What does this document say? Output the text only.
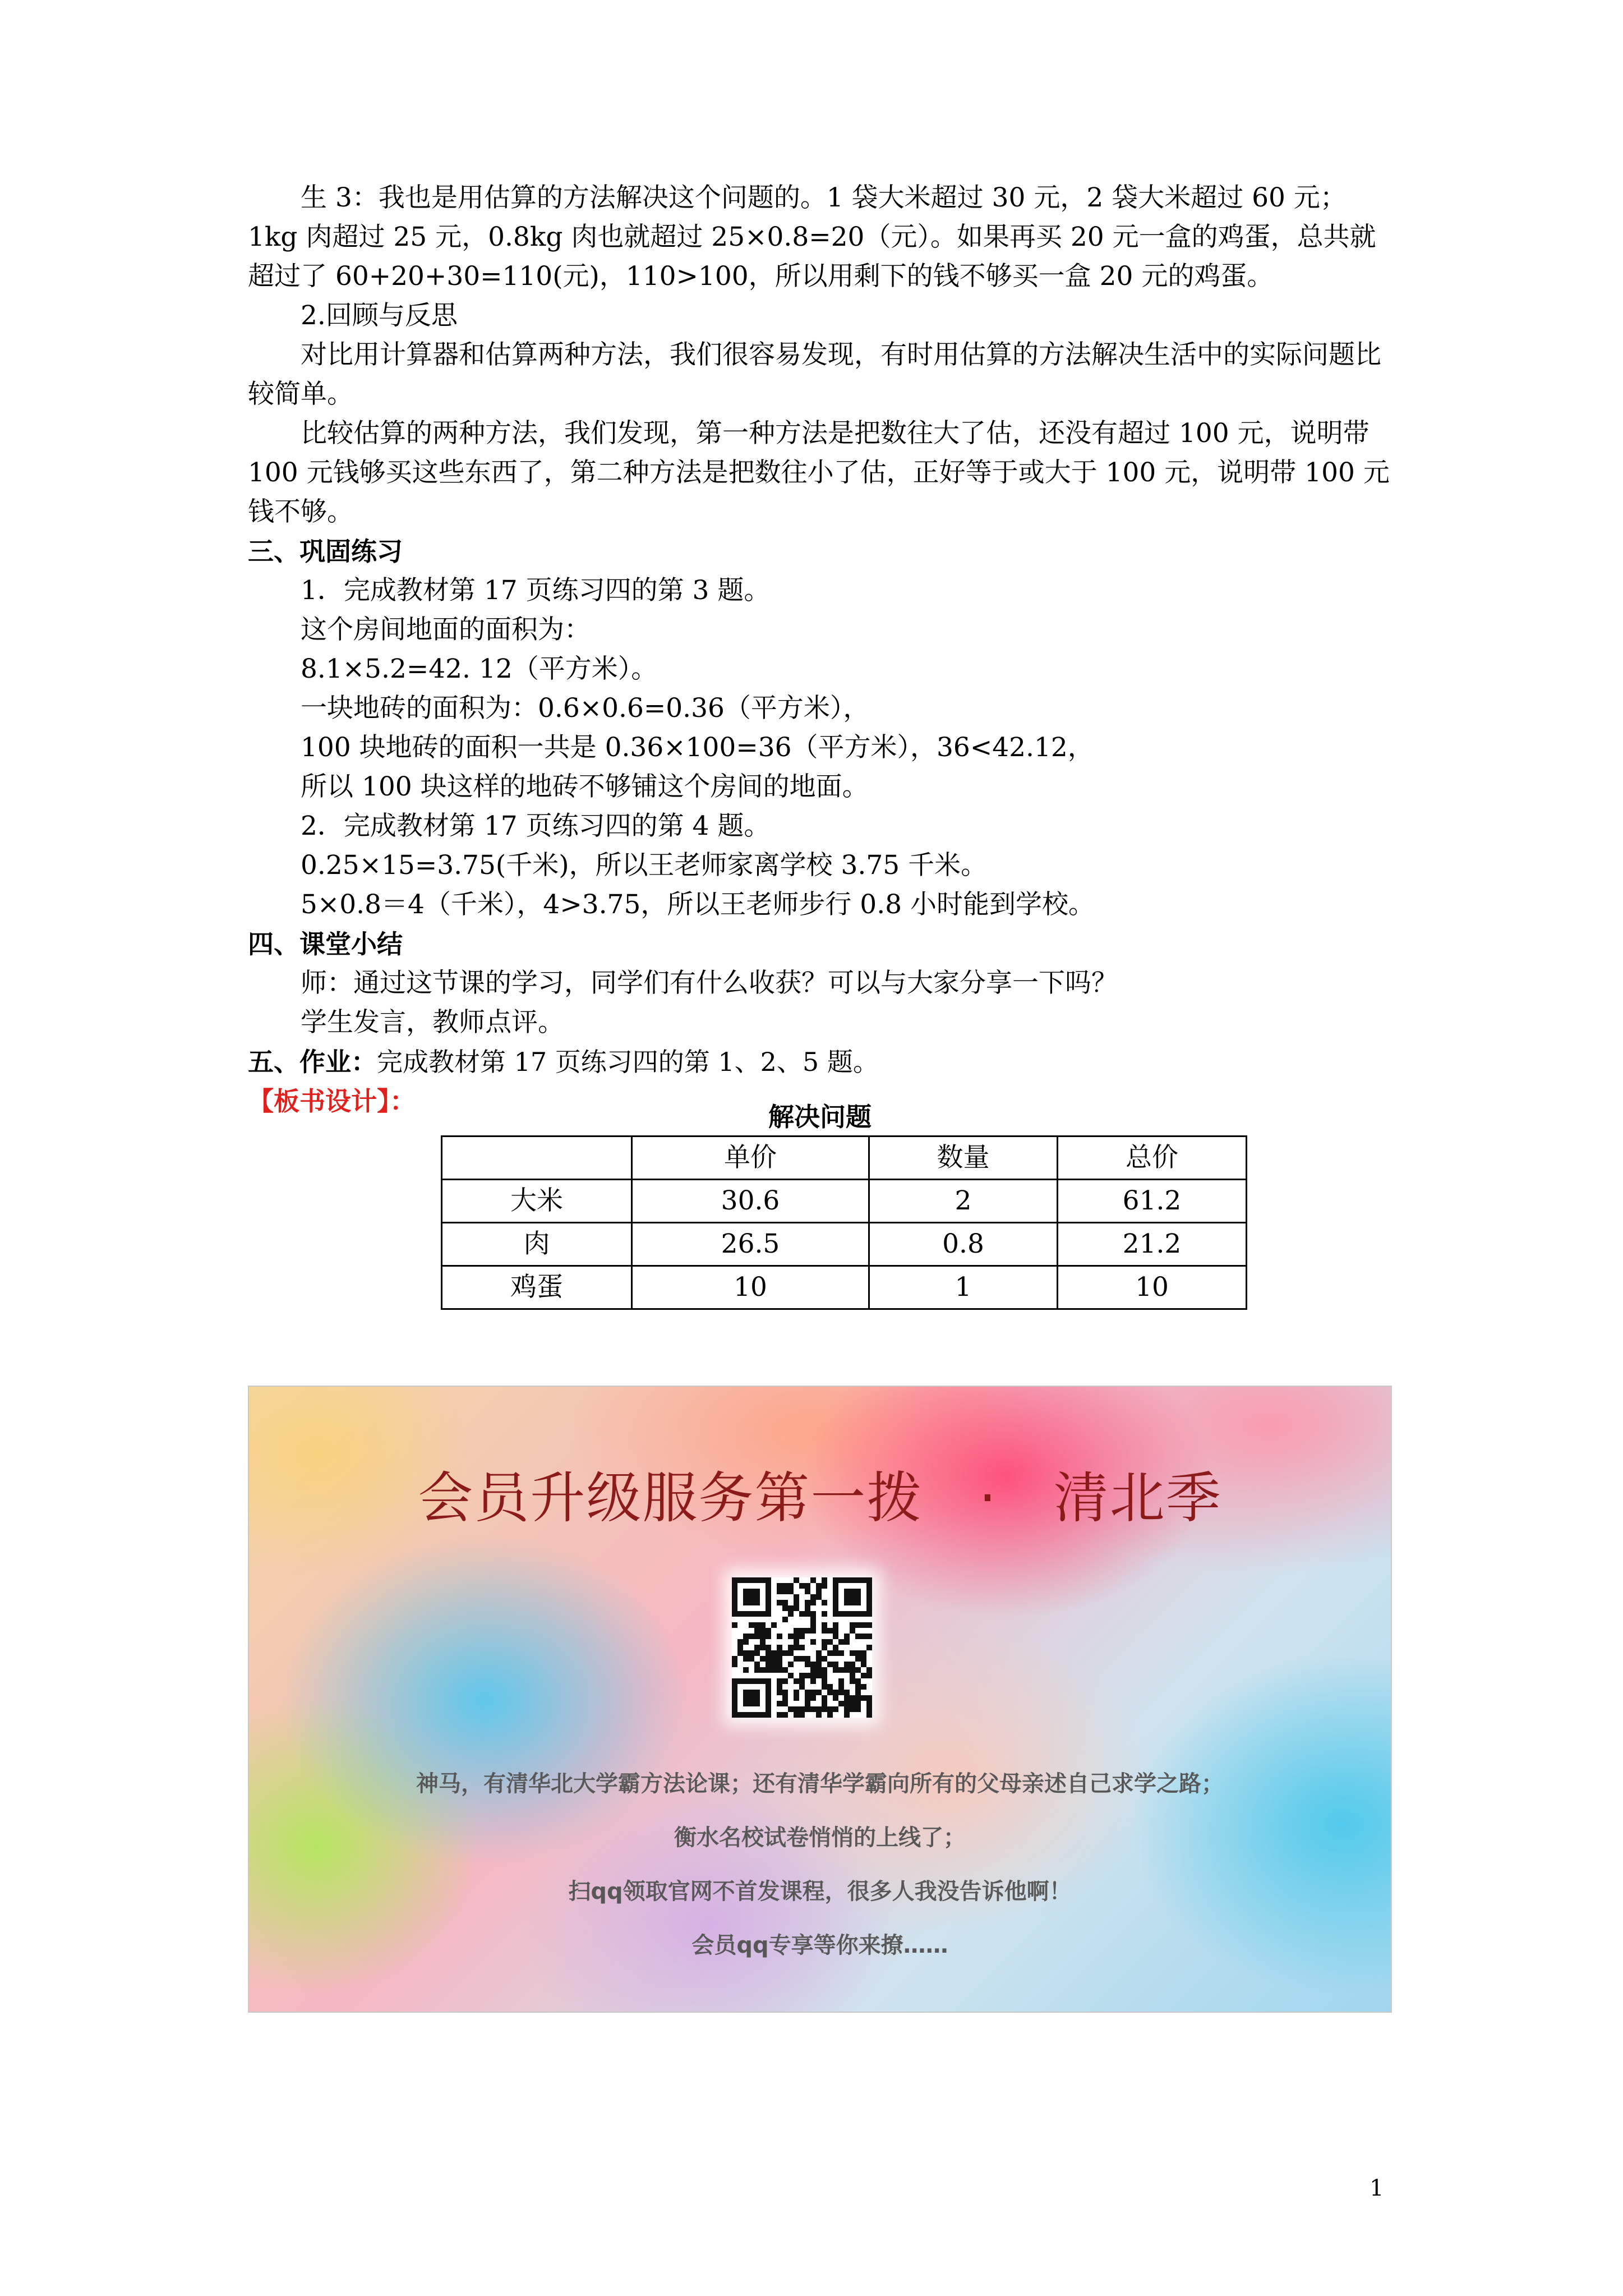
生 3：我也是用估算的方法解决这个问题的。1 袋大米超过 30 元，2 袋大米超过 60 元；1kg 肉超过 25 元，0.8kg 肉也就超过 25×0.8=20（元）。如果再买 20 元一盒的鸡蛋，总共就超过了 60+20+30=110(元)，110>100，所以用剩下的钱不够买一盒 20 元的鸡蛋。

2.回顾与反思

对比用计算器和估算两种方法，我们很容易发现，有时用估算的方法解决生活中的实际问题比较简单。

比较估算的两种方法，我们发现，第一种方法是把数往大了估，还没有超过 100 元，说明带 100 元钱够买这些东西了，第二种方法是把数往小了估，正好等于或大于 100 元，说明带 100 元钱不够。

三、巩固练习

1．完成教材第 17 页练习四的第 3 题。

这个房间地面的面积为：

8.1×5.2=42. 12（平方米）。

一块地砖的面积为：0.6×0.6=0.36（平方米），

100 块地砖的面积一共是 0.36×100=36（平方米），36<42.12，

所以 100 块这样的地砖不够铺这个房间的地面。

2．完成教材第 17 页练习四的第 4 题。

0.25×15=3.75(千米)，所以王老师家离学校 3.75 千米。

5×0.8＝4（千米），4>3.75，所以王老师步行 0.8 小时能到学校。

四、课堂小结

师：通过这节课的学习，同学们有什么收获？可以与大家分享一下吗？

学生发言，教师点评。

五、作业：完成教材第 17 页练习四的第 1、2、5 题。

【板书设计】：

解决问题
	单价	数量	总价
大米	30.6	2	61.2
肉	26.5	0.8	21.2
鸡蛋	10	1	10
会员升级服务第一拨　·　清北季
神马，有清华北大学霸方法论课；还有清华学霸向所有的父母亲述自己求学之路；
衡水名校试卷悄悄的上线了；
扫qq领取官网不首发课程，很多人我没告诉他啊！
会员qq专享等你来撩……
1
